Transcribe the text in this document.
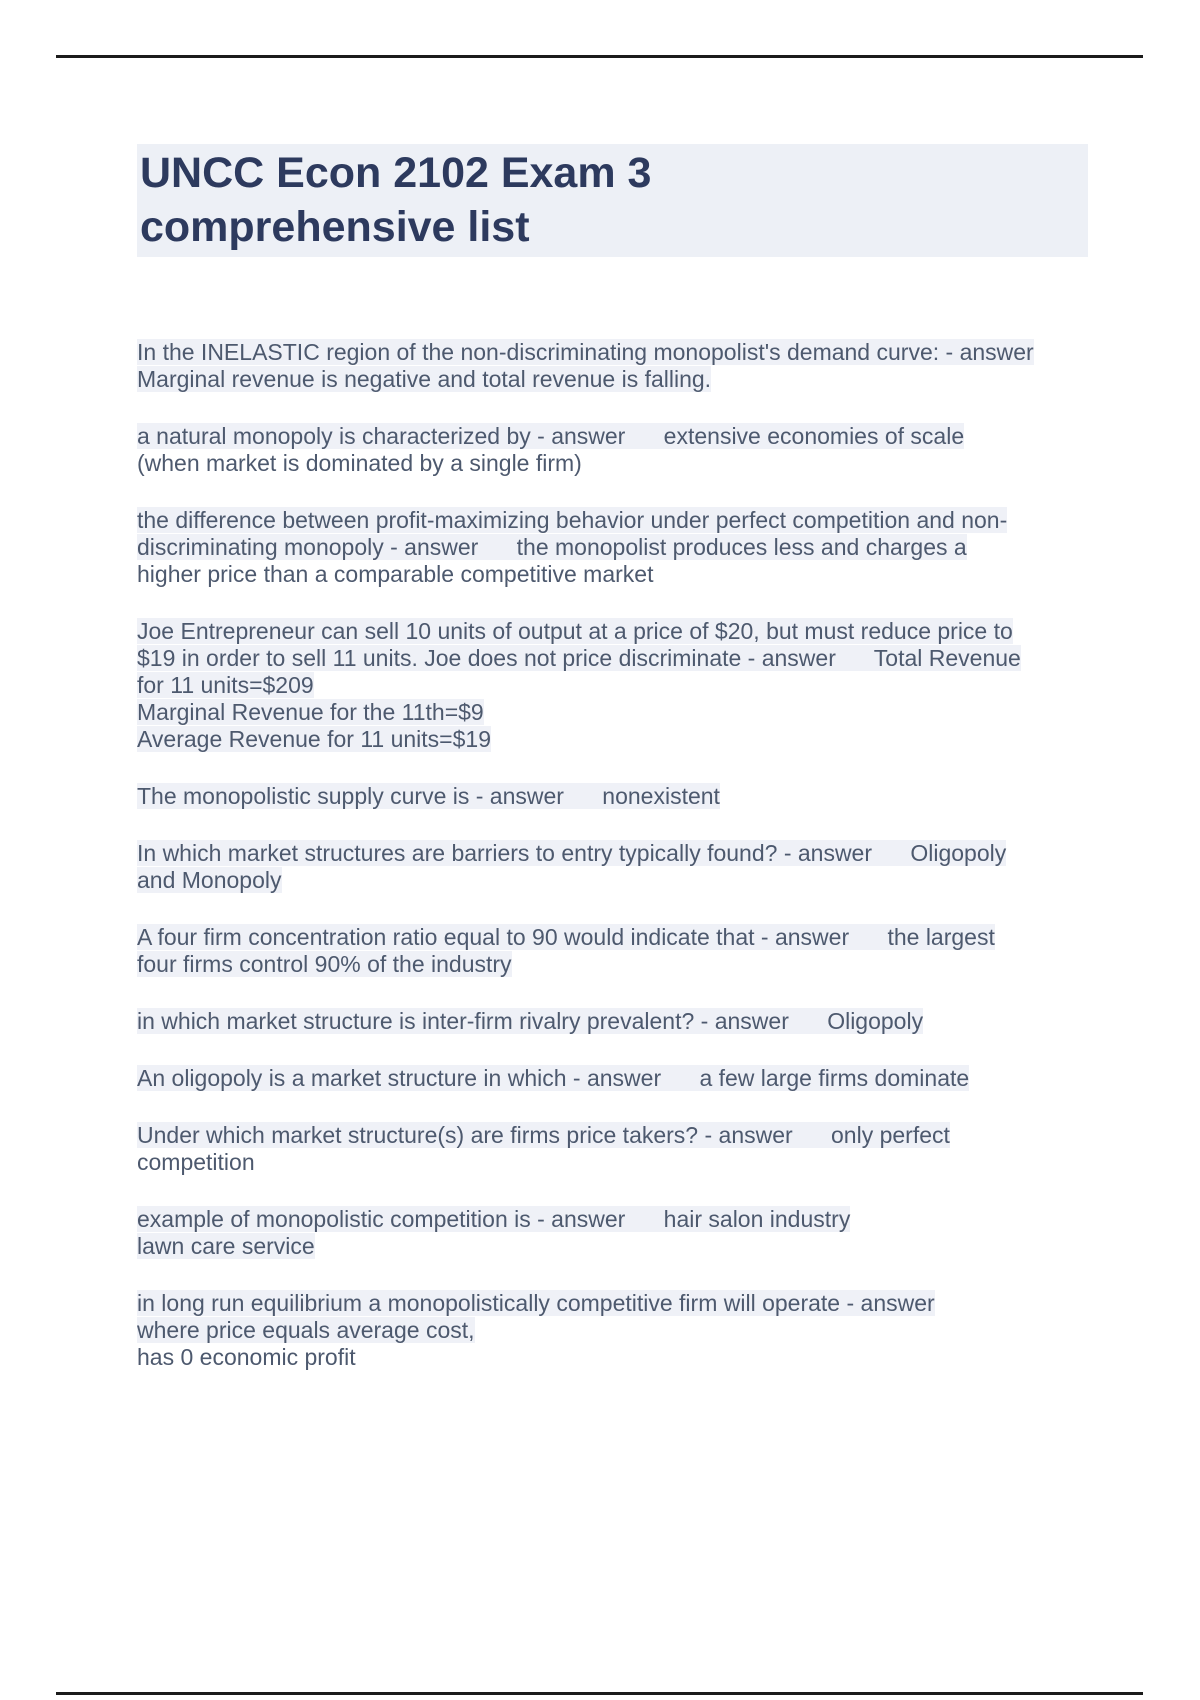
UNCC Econ 2102 Exam 3
comprehensive list
In the INELASTIC region of the non-discriminating monopolist's demand curve: - answer
Marginal revenue is negative and total revenue is falling.
a natural monopoly is characterized by - answer      extensive economies of scale
(when market is dominated by a single firm)
the difference between profit-maximizing behavior under perfect competition and non-
discriminating monopoly - answer      the monopolist produces less and charges a
higher price than a comparable competitive market
Joe Entrepreneur can sell 10 units of output at a price of $20, but must reduce price to
$19 in order to sell 11 units. Joe does not price discriminate - answer      Total Revenue
for 11 units=$209
Marginal Revenue for the 11th=$9
Average Revenue for 11 units=$19
The monopolistic supply curve is - answer      nonexistent
In which market structures are barriers to entry typically found? - answer      Oligopoly
and Monopoly
A four firm concentration ratio equal to 90 would indicate that - answer      the largest
four firms control 90% of the industry
in which market structure is inter-firm rivalry prevalent? - answer      Oligopoly
An oligopoly is a market structure in which - answer      a few large firms dominate
Under which market structure(s) are firms price takers? - answer      only perfect
competition
example of monopolistic competition is - answer      hair salon industry
lawn care service
in long run equilibrium a monopolistically competitive firm will operate - answer
where price equals average cost,
has 0 economic profit
